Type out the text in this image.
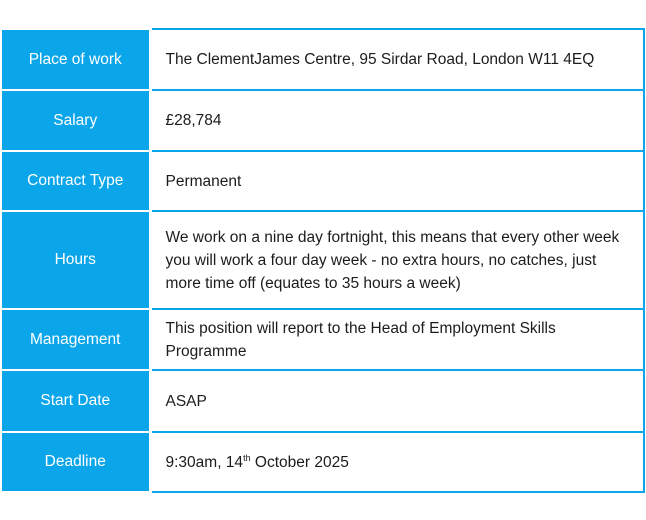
Place of work	The ClementJames Centre, 95 Sirdar Road, London W11 4EQ
Salary	£28,784
Contract Type	Permanent
Hours	We work on a nine day fortnight, this means that every other week you will work a four day week - no extra hours, no catches, just more time off (equates to 35 hours a week)
Management	This position will report to the Head of Employment Skills Programme
Start Date	ASAP
Deadline	9:30am, 14th October 2025
